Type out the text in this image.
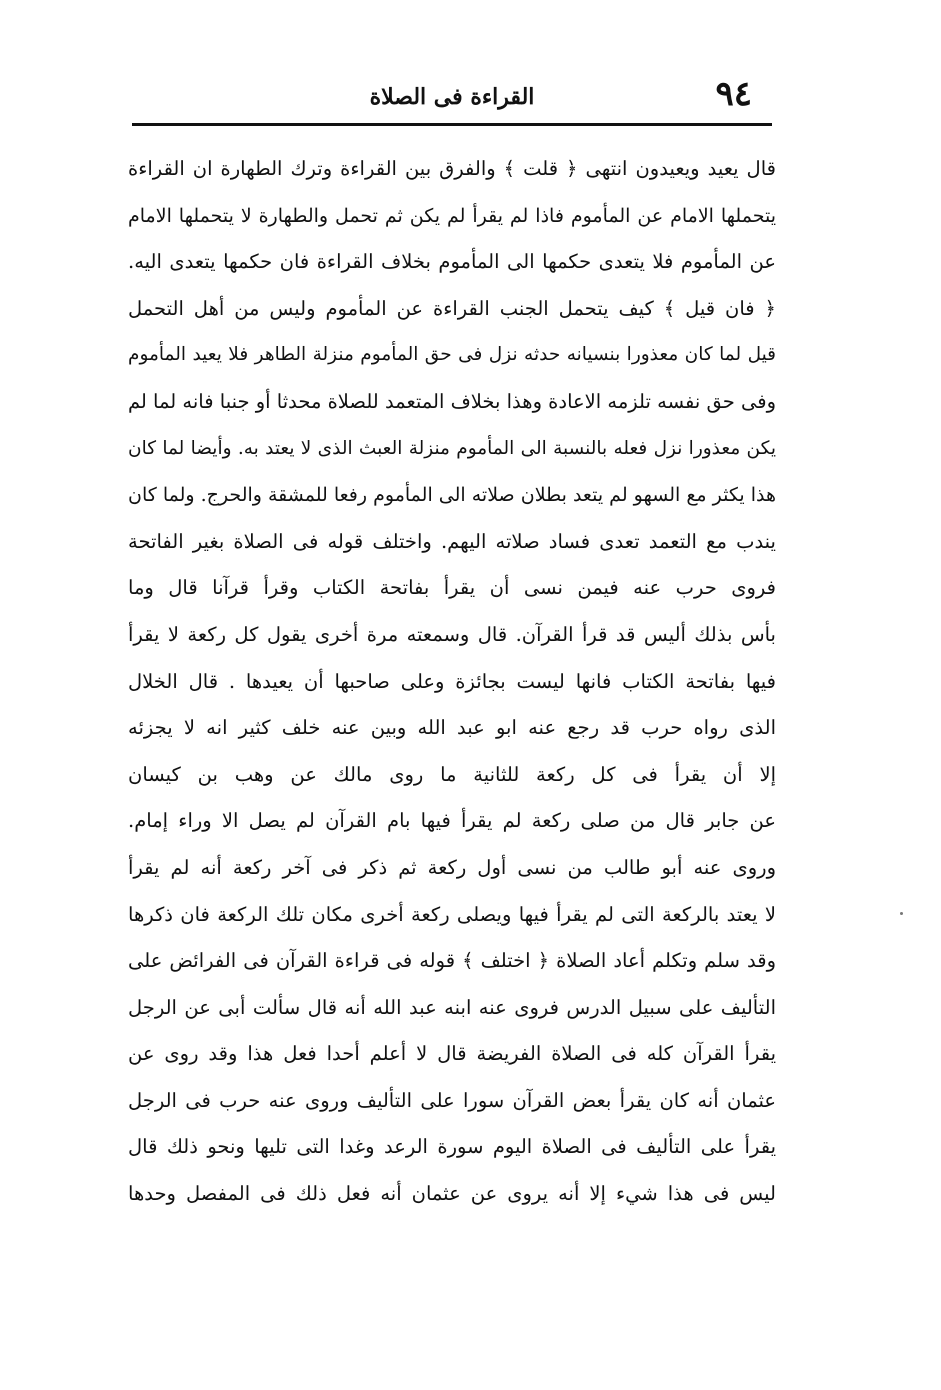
٩٤
القراءة فى الصلاة
قال يعيد ويعيدون انتهى ﴿ قلت ﴾ والفرق بين القراءة وترك الطهارة ان القراءة
يتحملها الامام عن المأموم فاذا لم يقرأ لم يكن ثم تحمل والطهارة لا يتحملها الامام
عن المأموم فلا يتعدى حكمها الى المأموم بخلاف القراءة فان حكمها يتعدى اليه.
﴿ فان قيل ﴾ كيف يتحمل الجنب القراءة عن المأموم وليس من أهل التحمل
قيل لما كان معذورا بنسيانه حدثه نزل فى حق المأموم منزلة الطاهر فلا يعيد المأموم
وفى حق نفسه تلزمه الاعادة وهذا بخلاف المتعمد للصلاة محدثا أو جنبا فانه لما لم
يكن معذورا نزل فعله بالنسبة الى المأموم منزلة العبث الذى لا يعتد به. وأيضا لما كان
هذا يكثر مع السهو لم يتعد بطلان صلاته الى المأموم رفعا للمشقة والحرج. ولما كان
يندب مع التعمد تعدى فساد صلاته اليهم. واختلف قوله فى الصلاة بغير الفاتحة
فروى حرب عنه فيمن نسى أن يقرأ بفاتحة الكتاب وقرأ قرآنا قال وما
بأس بذلك أليس قد قرأ القرآن. قال وسمعته مرة أخرى يقول كل ركعة لا يقرأ
فيها بفاتحة الكتاب فانها ليست بجائزة وعلى صاحبها أن يعيدها . قال الخلال
الذى رواه حرب قد رجع عنه ابو عبد الله وبين عنه خلف كثير انه لا يجزئه
إلا أن يقرأ فى كل ركعة للثانية ما روى مالك عن وهب بن كيسان
عن جابر قال من صلى ركعة لم يقرأ فيها بام القرآن لم يصل الا وراء إمام.
وروى عنه أبو طالب من نسى أول ركعة ثم ذكر فى آخر ركعة أنه لم يقرأ
لا يعتد بالركعة التى لم يقرأ فيها ويصلى ركعة أخرى مكان تلك الركعة فان ذكرها
وقد سلم وتكلم أعاد الصلاة ﴿ اختلف ﴾ قوله فى قراءة القرآن فى الفرائض على
التأليف على سبيل الدرس فروى عنه ابنه عبد الله أنه قال سألت أبى عن الرجل
يقرأ القرآن كله فى الصلاة الفريضة قال لا أعلم أحدا فعل هذا وقد روى عن
عثمان أنه كان يقرأ بعض القرآن سورا على التأليف وروى عنه حرب فى الرجل
يقرأ على التأليف فى الصلاة اليوم سورة الرعد وغدا التى تليها ونحو ذلك قال
ليس فى هذا شيء إلا أنه يروى عن عثمان أنه فعل ذلك فى المفصل وحدها
